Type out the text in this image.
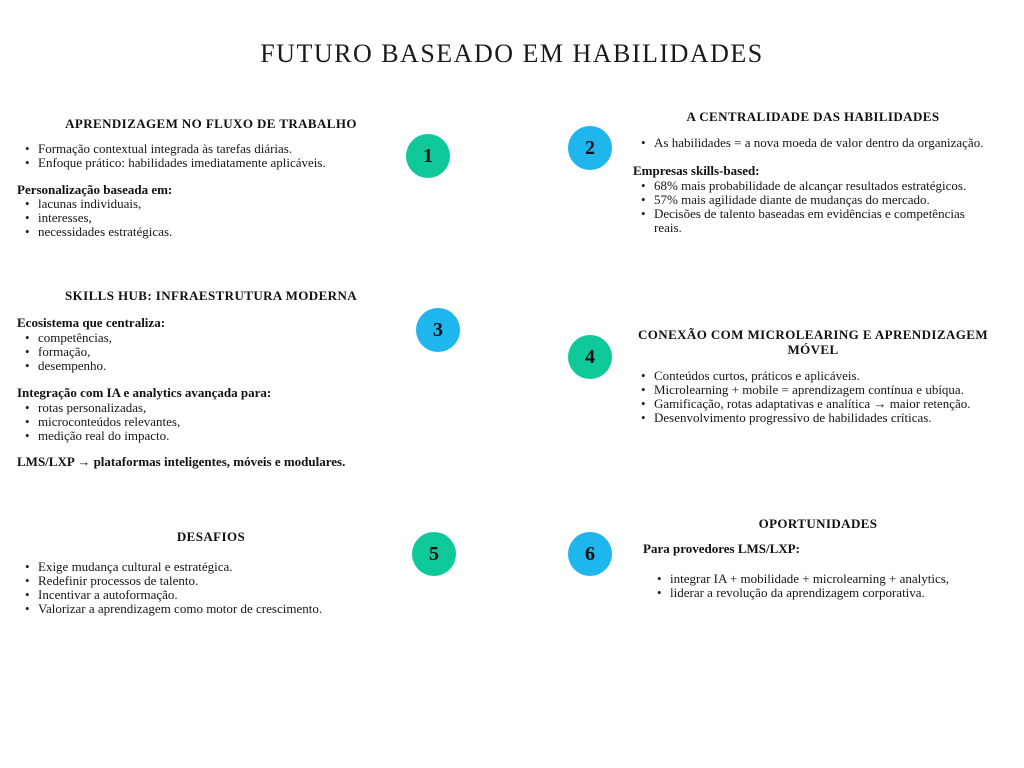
FUTURO BASEADO EM HABILIDADES
APRENDIZAGEM NO FLUXO DE TRABALHO
• Formação contextual integrada às tarefas diárias.
• Enfoque prático: habilidades imediatamente aplicáveis.

Personalização baseada em:

• lacunas individuais,
• interesses,
• necessidades estratégicas.
A CENTRALIDADE DAS HABILIDADES
• As habilidades = a nova moeda de valor dentro da organização.

Empresas skills-based:

• 68% mais probabilidade de alcançar resultados estratégicos.
• 57% mais agilidade diante de mudanças do mercado.
• Decisões de talento baseadas em evidências e competências reais.
SKILLS HUB: INFRAESTRUTURA MODERNA

Ecosistema que centraliza:

• competências,
• formação,
• desempenho.

Integração com IA e analytics avançada para:

• rotas personalizadas,
• microconteúdos relevantes,
• medição real do impacto.

LMS/LXP → plataformas inteligentes, móveis e modulares.

CONEXÃO COM MICROLEARING E APRENDIZAGEM MÓVEL
• Conteúdos curtos, práticos e aplicáveis.
• Microlearning + mobile = aprendizagem contínua e ubíqua.
• Gamificação, rotas adaptativas e analítica → maior retenção.
• Desenvolvimento progressivo de habilidades críticas.
DESAFIOS
• Exige mudança cultural e estratégica.
• Redefinir processos de talento.
• Incentivar a autoformação.
• Valorizar a aprendizagem como motor de crescimento.
OPORTUNIDADES

Para provedores LMS/LXP:

• integrar IA + mobilidade + microlearning + analytics,
• liderar a revolução da aprendizagem corporativa.
1	2
3
4
5	6
